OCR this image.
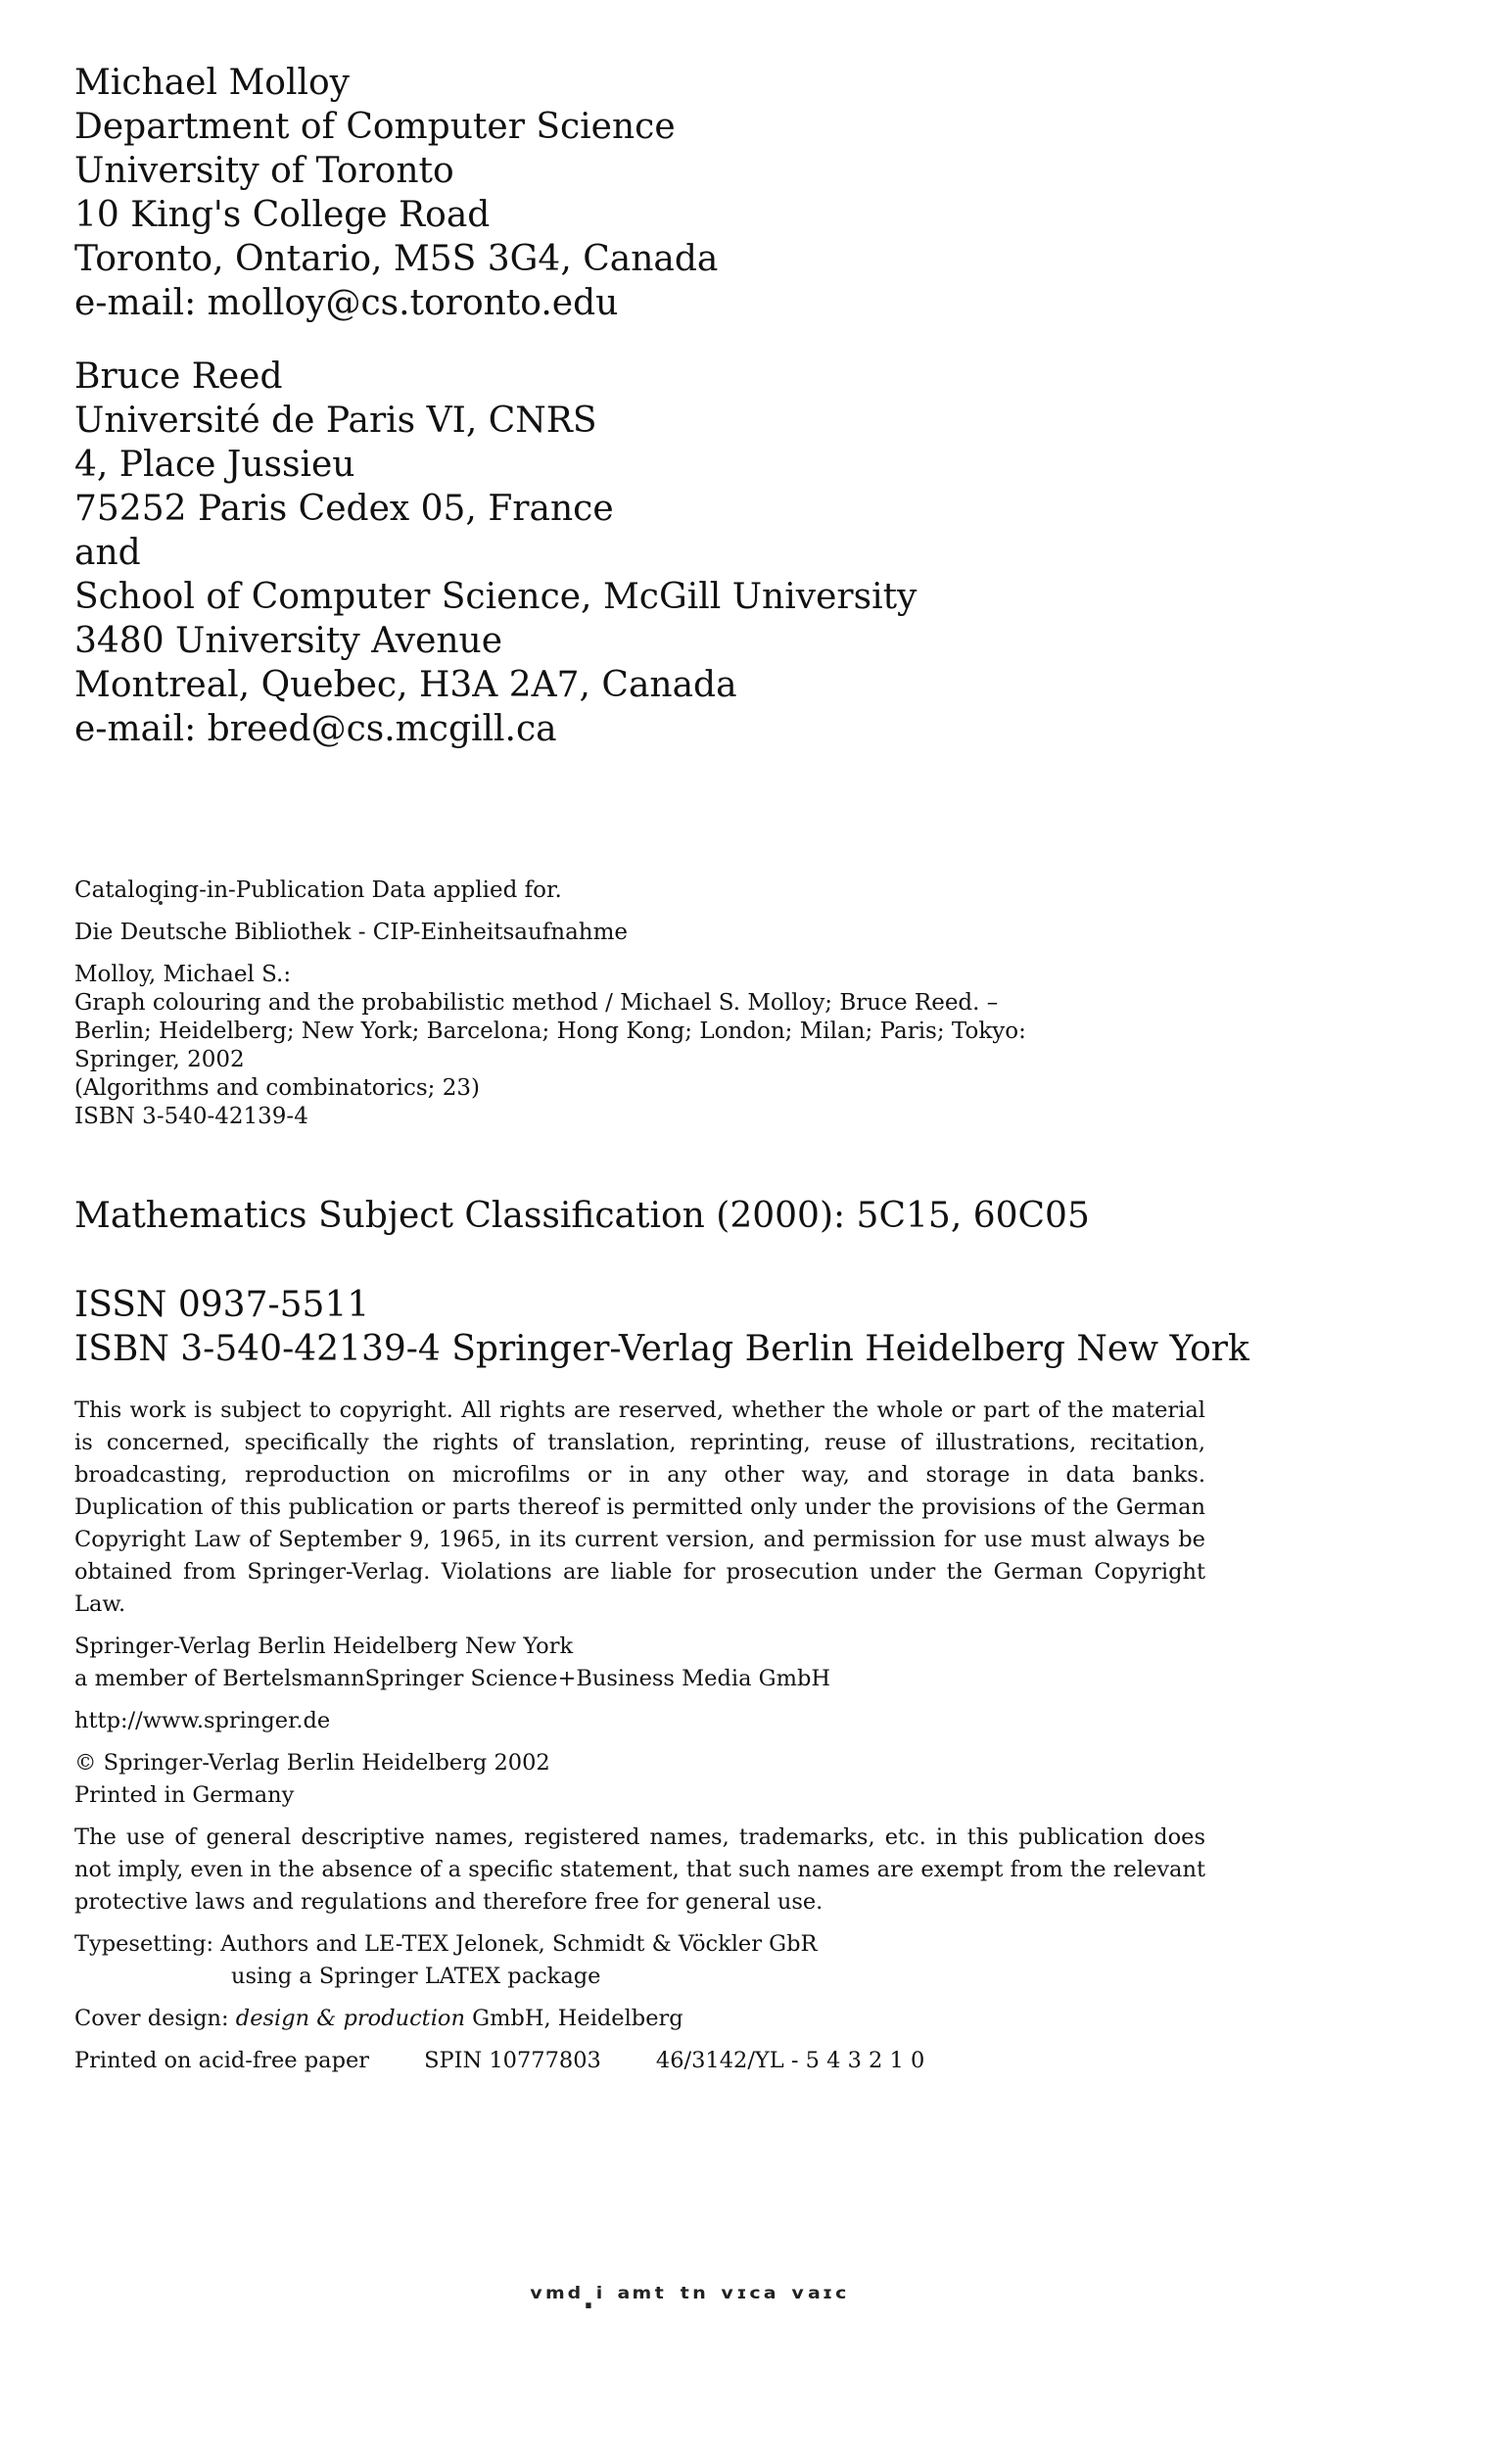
Michael Molloy
Department of Computer Science
University of Toronto
10 King's College Road
Toronto, Ontario, M5S 3G4, Canada
e-mail: molloy@cs.toronto.edu
Bruce Reed
Université de Paris VI, CNRS
4, Place Jussieu
75252 Paris Cedex 05, France
and
School of Computer Science, McGill University
3480 University Avenue
Montreal, Quebec, H3A 2A7, Canada
e-mail: breed@cs.mcgill.ca
Cataloging-in-Publication Data applied for.
Die Deutsche Bibliothek - CIP-Einheitsaufnahme
Molloy, Michael S.:
Graph colouring and the probabilistic method / Michael S. Molloy; Bruce Reed. –
Berlin; Heidelberg; New York; Barcelona; Hong Kong; London; Milan; Paris; Tokyo:
Springer, 2002
(Algorithms and combinatorics; 23)
ISBN 3-540-42139-4
Mathematics Subject Classification (2000): 5C15, 60C05
ISSN 0937-5511
ISBN 3-540-42139-4 Springer-Verlag Berlin Heidelberg New York
This work is subject to copyright. All rights are reserved, whether the whole or part of the material is concerned, specifically the rights of translation, reprinting, reuse of illustrations, recitation, broadcasting, reproduction on microfilms or in any other way, and storage in data banks. Duplication of this publication or parts thereof is permitted only under the provisions of the German Copyright Law of September 9, 1965, in its current version, and permission for use must always be obtained from Springer-Verlag. Violations are liable for prosecution under the German Copyright Law.
Springer-Verlag Berlin Heidelberg New York
a member of BertelsmannSpringer Science+Business Media GmbH
http://www.springer.de
© Springer-Verlag Berlin Heidelberg 2002
Printed in Germany
The use of general descriptive names, registered names, trademarks, etc. in this publication does not imply, even in the absence of a specific statement, that such names are exempt from the relevant protective laws and regulations and therefore free for general use.
Typesetting: Authors and LE-TEX Jelonek, Schmidt & Vöckler GbR
using a Springer LATEX package
Cover design: design & production GmbH, Heidelberg
Printed on acid-free paper SPIN 10777803 46/3142/YL - 5 4 3 2 1 0
ᵛᵐᵈ.ⁱ ᵃᵐᵗ ᵗⁿ ᵛᶦᶜᵃ ᵛᵃᶦᶜ
